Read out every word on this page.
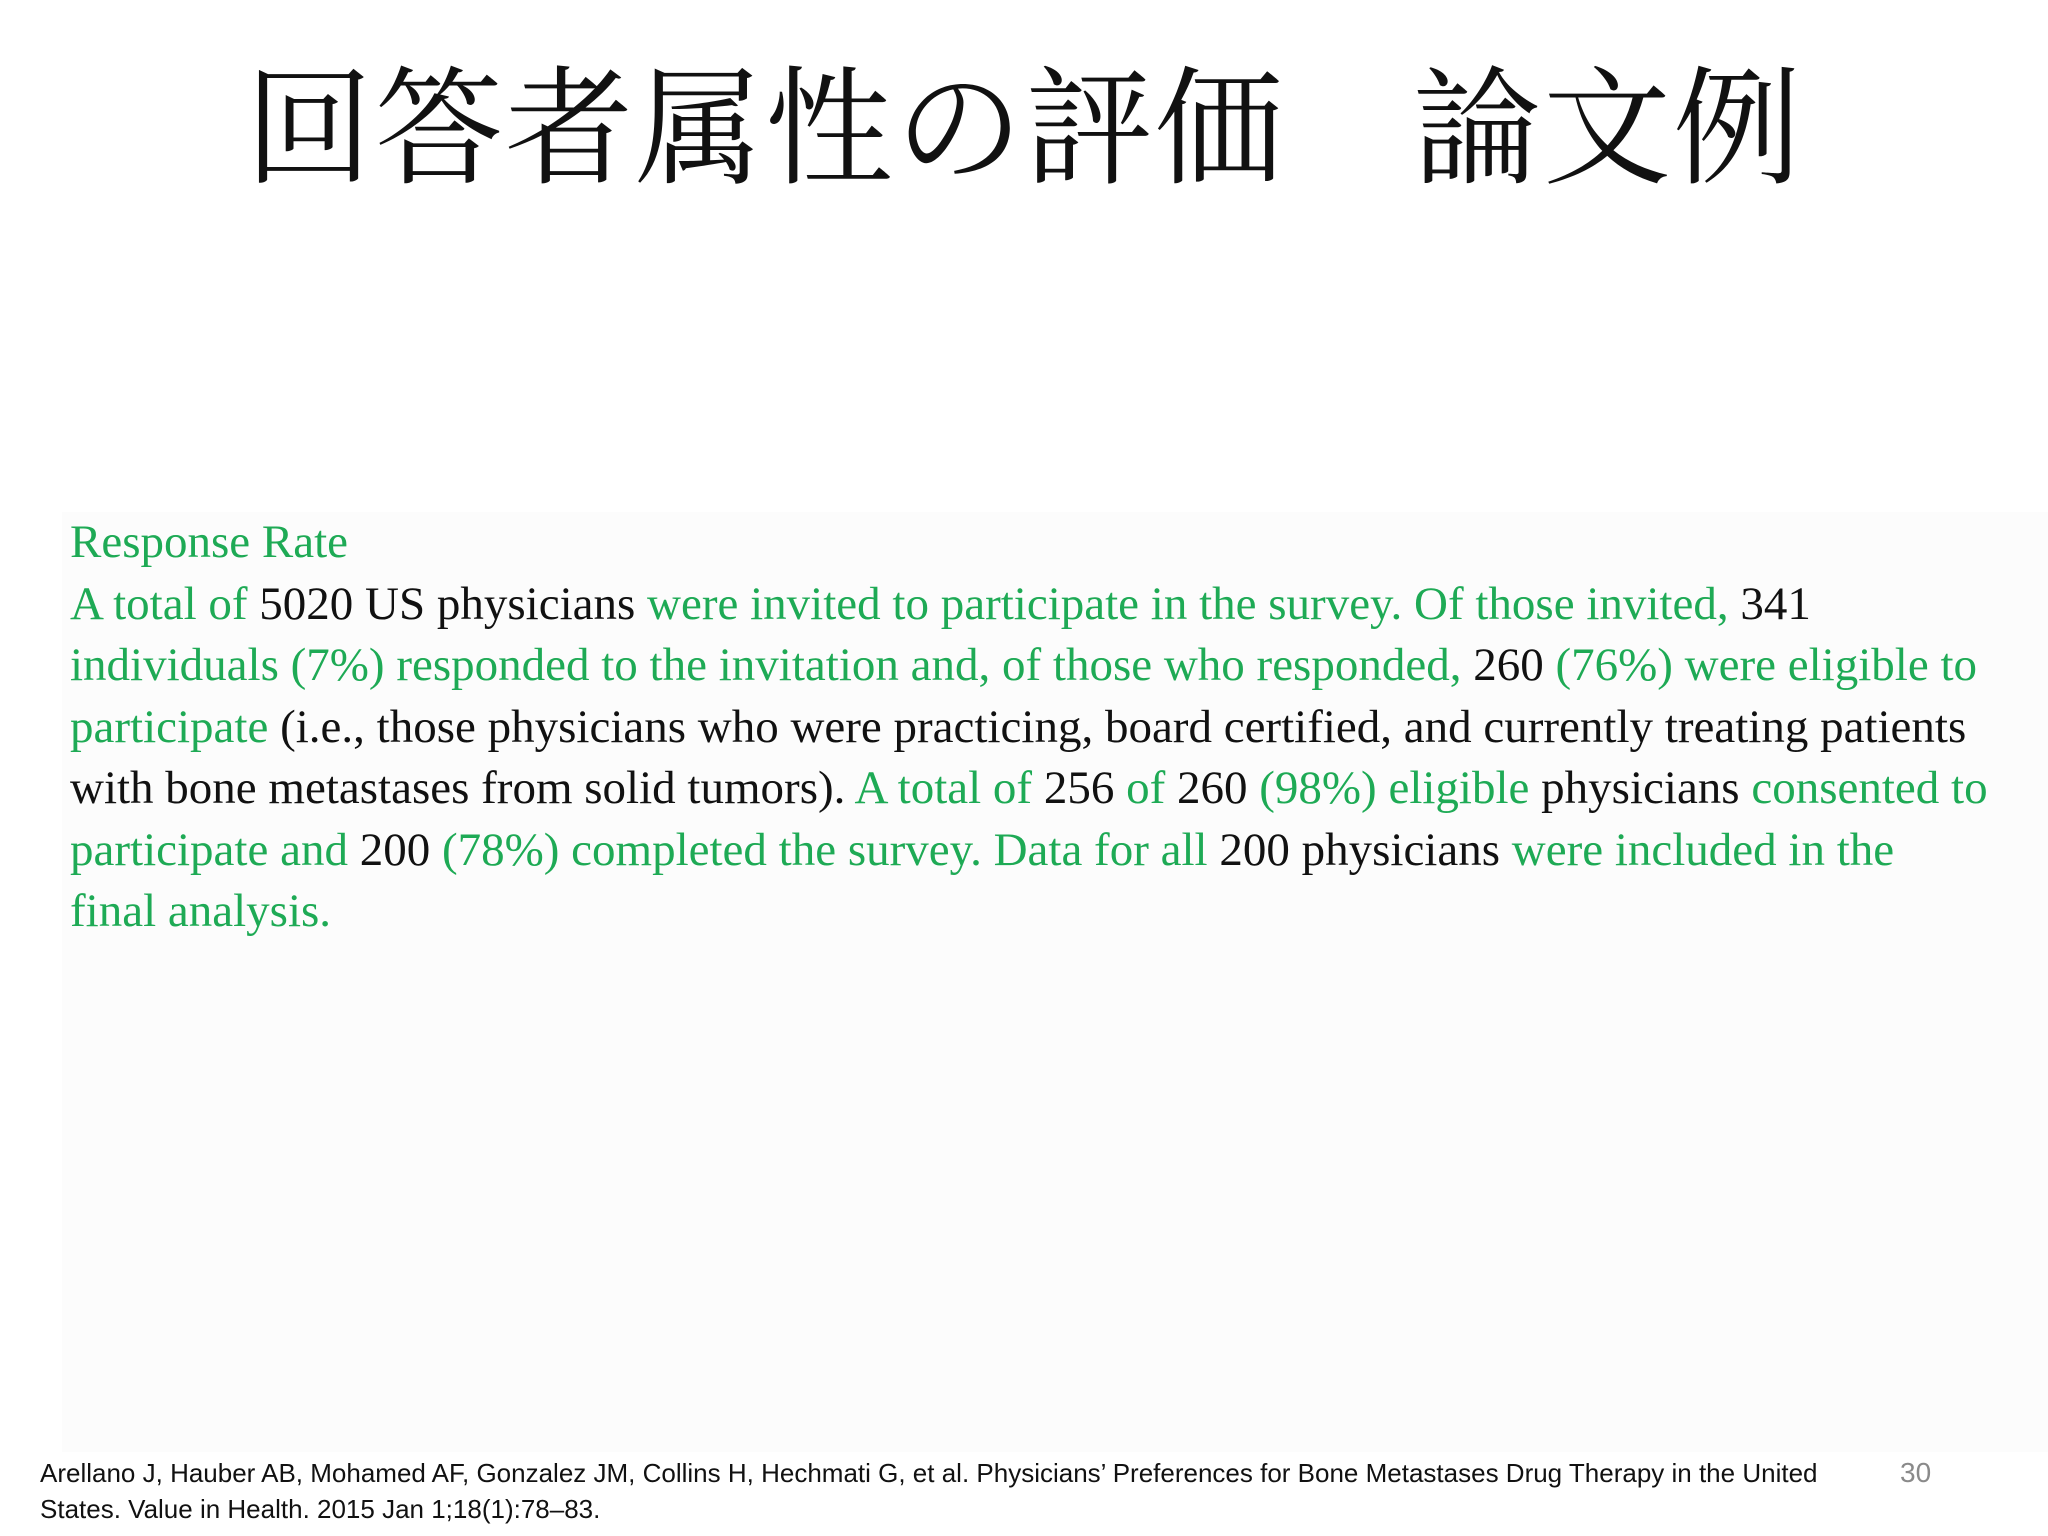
回答者属性の評価 論文例
Response Rate
A total of 5020 US physicians were invited to participate in the survey. Of those invited, 341 individuals (7%) responded to the invitation and, of those who responded, 260 (76%) were eligible to participate (i.e., those physicians who were practicing, board certified, and currently treating patients with bone metastases from solid tumors). A total of 256 of 260 (98%) eligible physicians consented to participate and 200 (78%) completed the survey. Data for all 200 physicians were included in the final analysis.
Arellano J, Hauber AB, Mohamed AF, Gonzalez JM, Collins H, Hechmati G, et al. Physicians’ Preferences for Bone Metastases Drug Therapy in the United States. Value in Health. 2015 Jan 1;18(1):78–83.
30
